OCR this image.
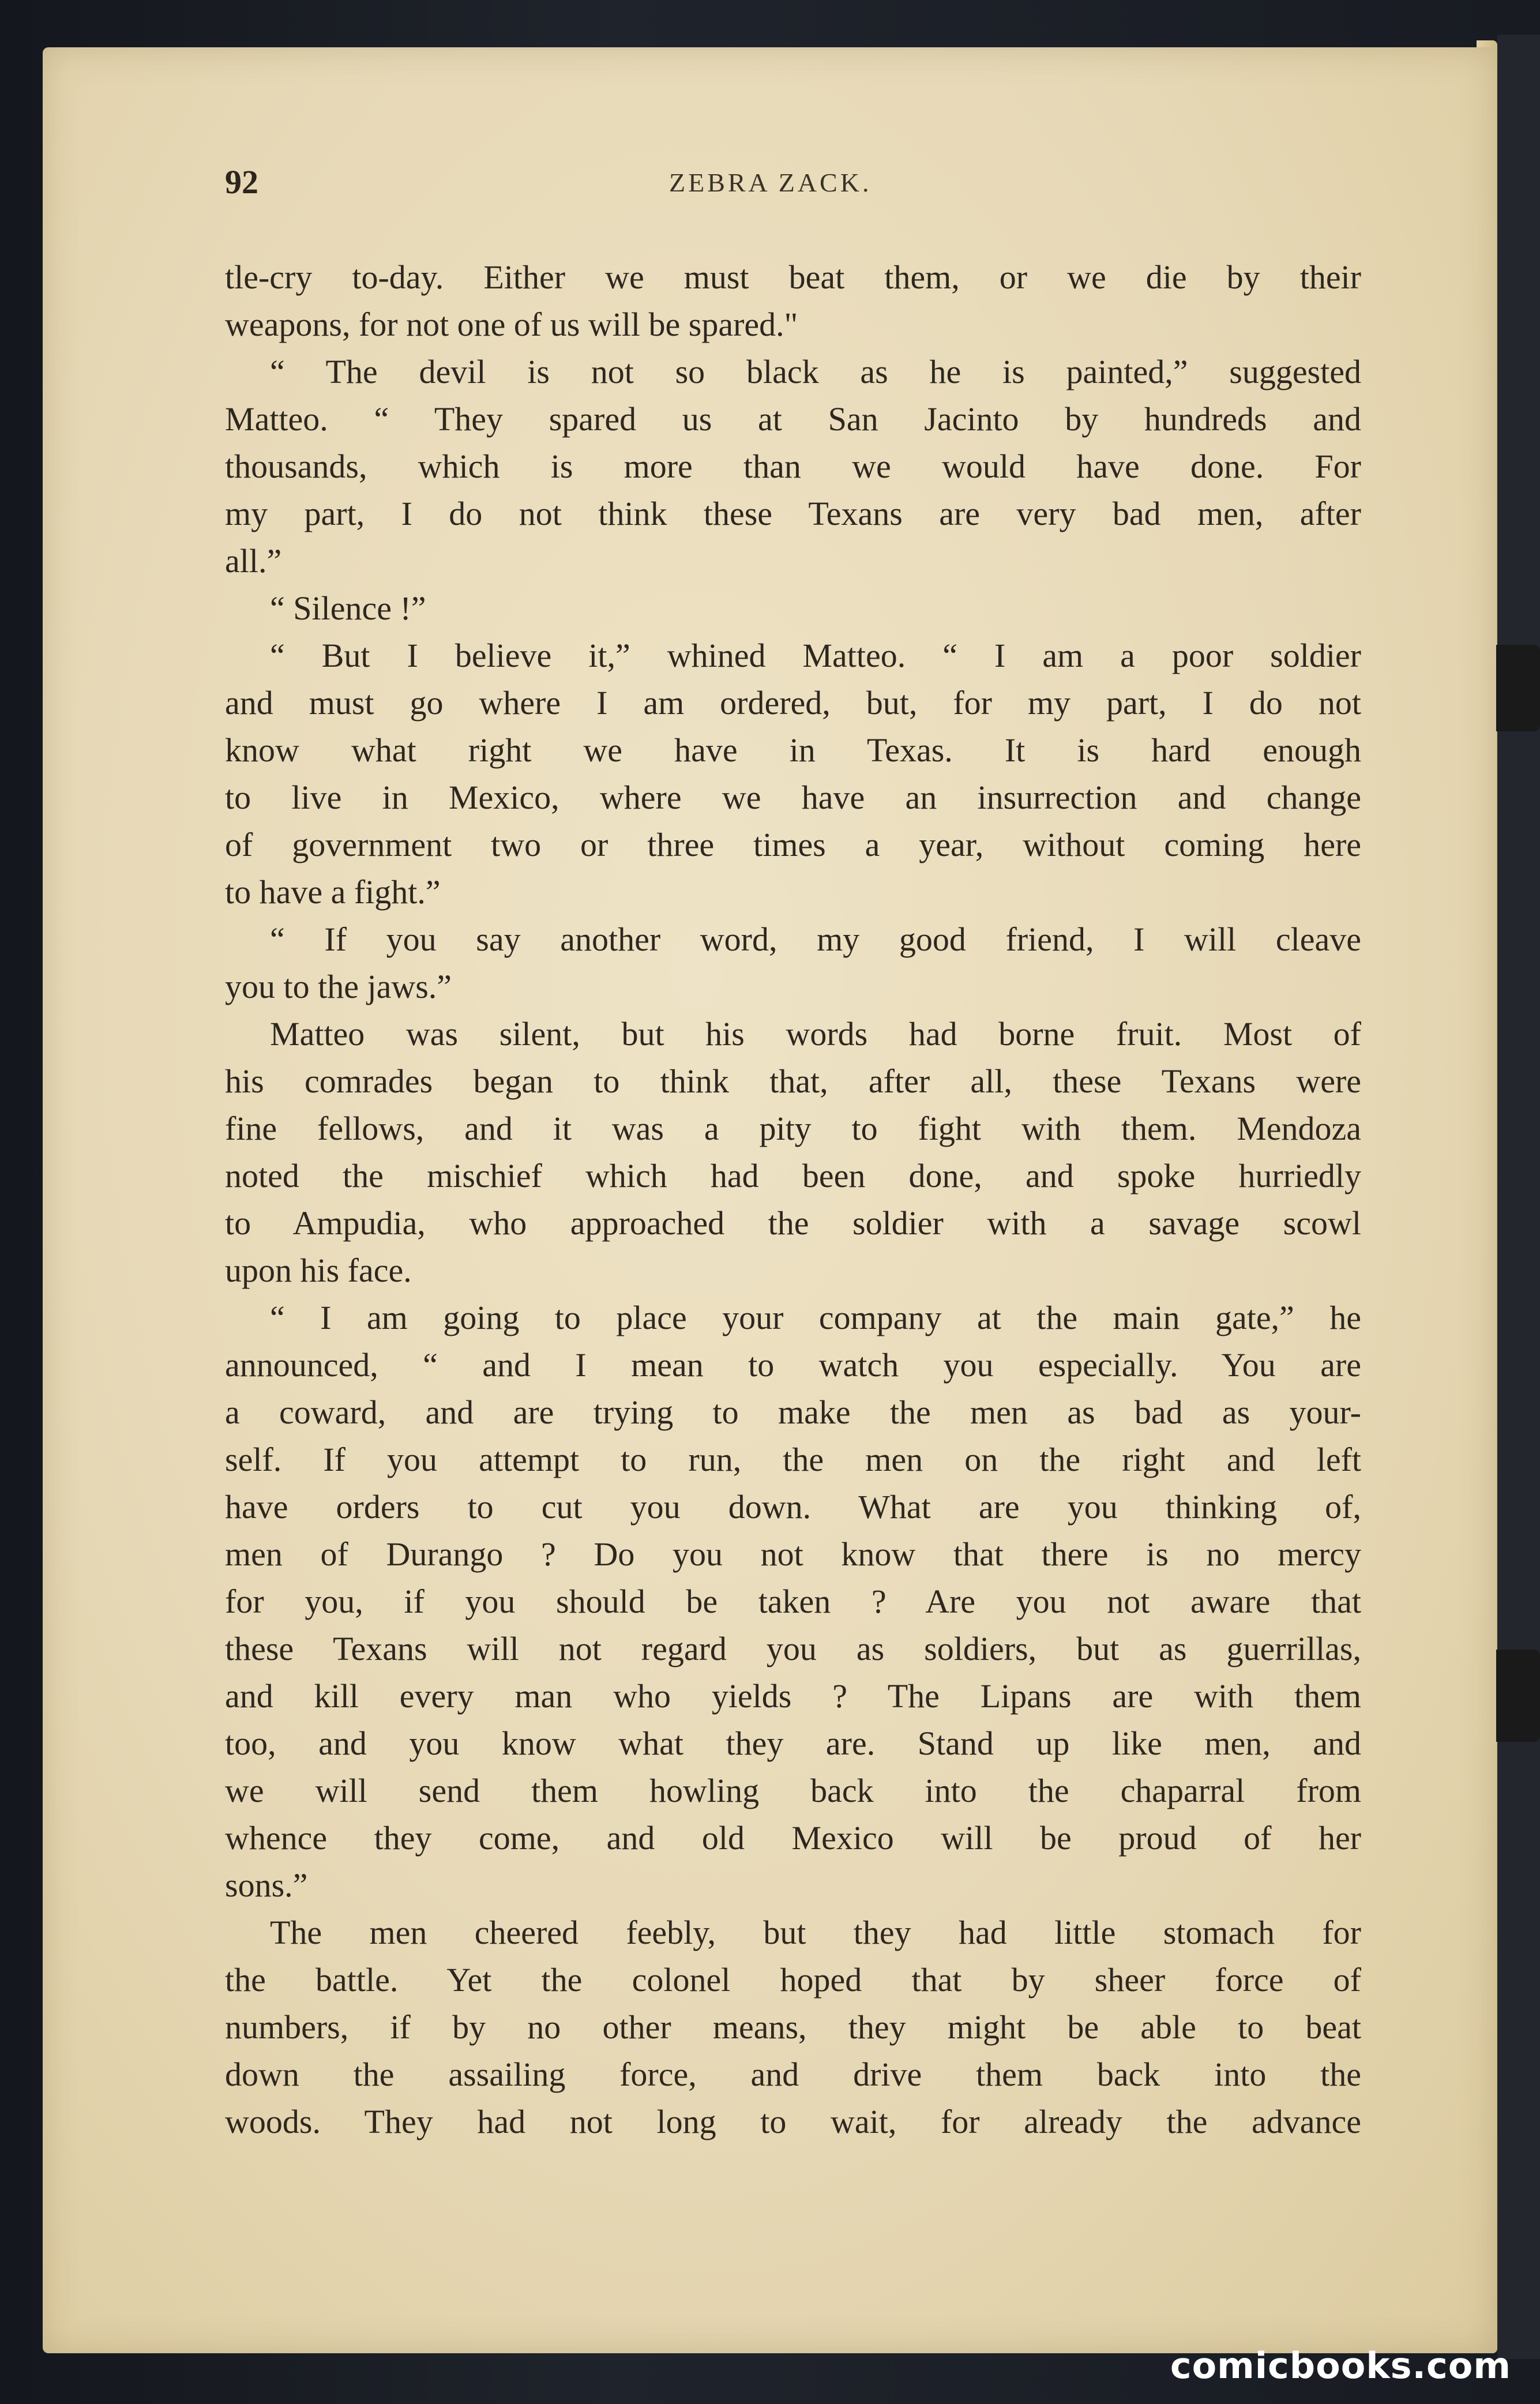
92	ZEBRA ZACK.
tle-cry to-day. Either we must beat them, or we die by their
weapons, for not one of us will be spared."
“ The devil is not so black as he is painted,” suggested
Matteo. “ They spared us at San Jacinto by hundreds and
thousands, which is more than we would have done. For
my part, I do not think these Texans are very bad men, after
all.”
“ Silence !”
“ But I believe it,” whined Matteo. “ I am a poor soldier
and must go where I am ordered, but, for my part, I do not
know what right we have in Texas. It is hard enough
to live in Mexico, where we have an insurrection and change
of government two or three times a year, without coming here
to have a fight.”
“ If you say another word, my good friend, I will cleave
you to the jaws.”
Matteo was silent, but his words had borne fruit. Most of
his comrades began to think that, after all, these Texans were
fine fellows, and it was a pity to fight with them. Mendoza
noted the mischief which had been done, and spoke hurriedly
to Ampudia, who approached the soldier with a savage scowl
upon his face.
“ I am going to place your company at the main gate,” he
announced, “ and I mean to watch you especially. You are
a coward, and are trying to make the men as bad as your-
self. If you attempt to run, the men on the right and left
have orders to cut you down. What are you thinking of,
men of Durango ? Do you not know that there is no mercy
for you, if you should be taken ? Are you not aware that
these Texans will not regard you as soldiers, but as guerrillas,
and kill every man who yields ? The Lipans are with them
too, and you know what they are. Stand up like men, and
we will send them howling back into the chaparral from
whence they come, and old Mexico will be proud of her
sons.”
The men cheered feebly, but they had little stomach for
the battle. Yet the colonel hoped that by sheer force of
numbers, if by no other means, they might be able to beat
down the assailing force, and drive them back into the
woods. They had not long to wait, for already the advance
comicbooks.com
